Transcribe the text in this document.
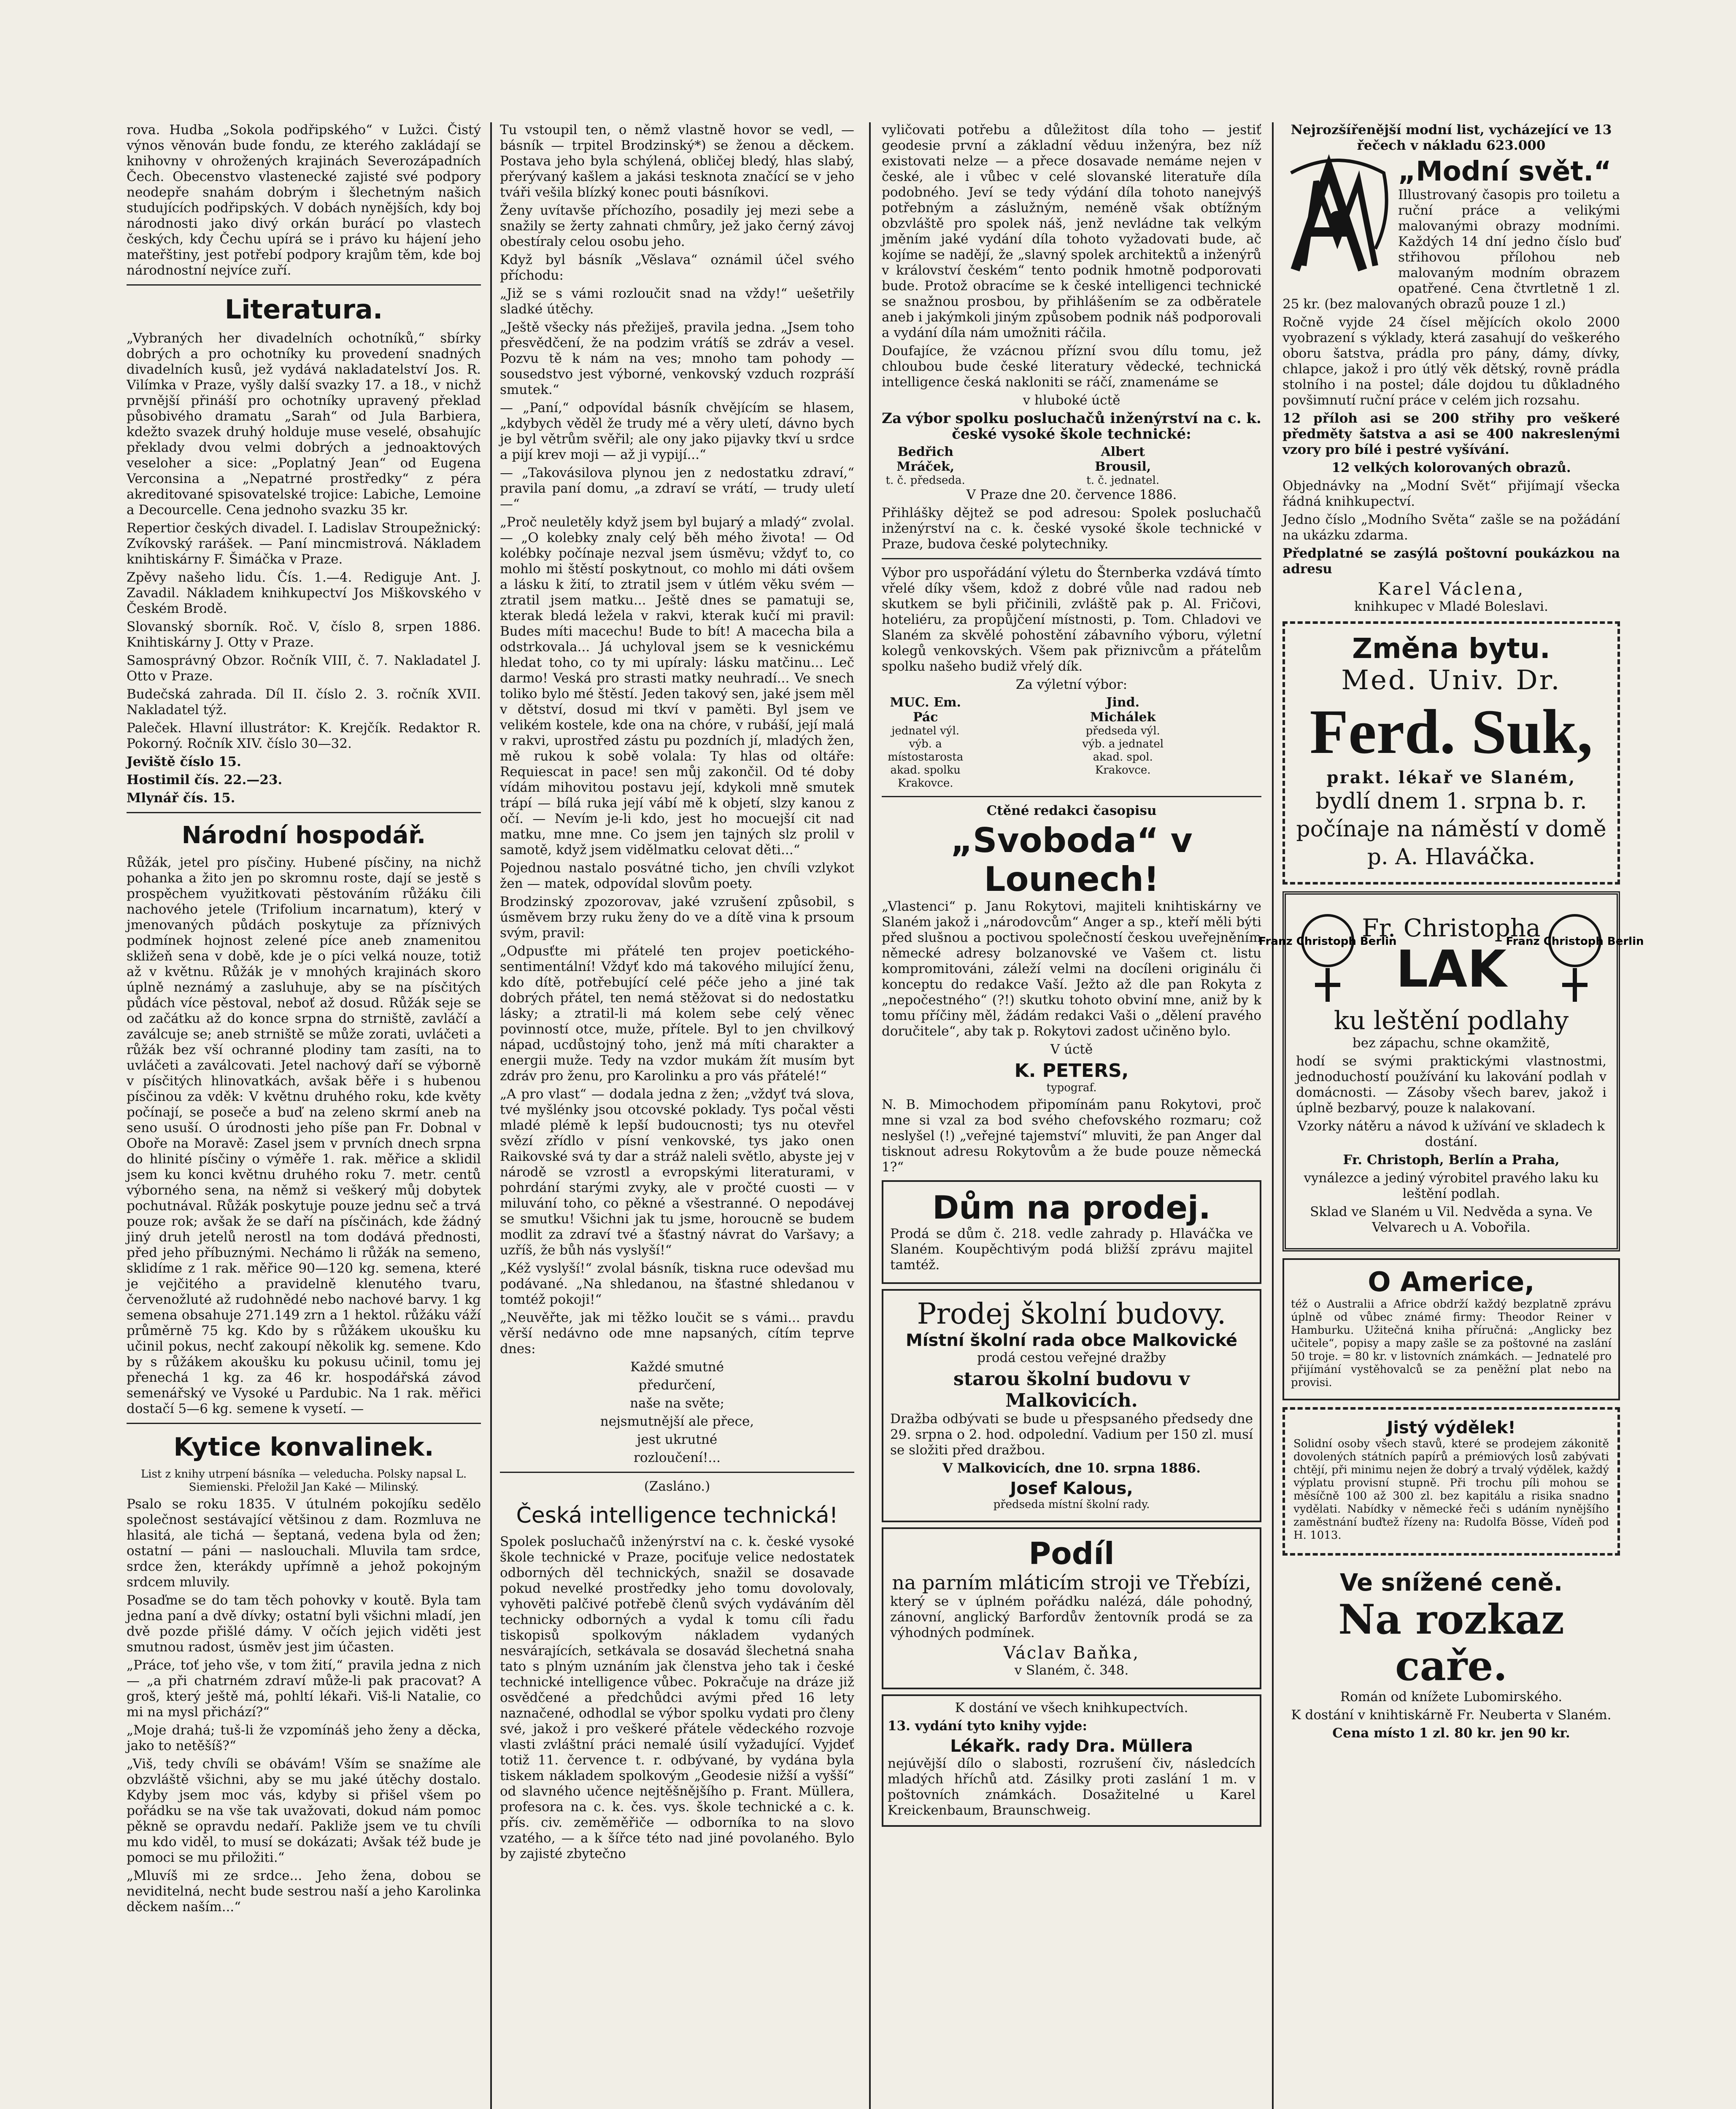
rova. Hudba „Sokola podřipského“ v Lužci. Čistý výnos věnován bude fondu, ze kterého zakládají se knihovny v ohrožených krajinách Severozápadních Čech. Obecenstvo vlastenecké zajisté své podpory neodepře snahám dobrým i šlechetným našich studujících podřipských. V dobách nynějších, kdy boj národnosti jako divý orkán burácí po vlastech českých, kdy Čechu upírá se i právo ku hájení jeho mateřštiny, jest potřebí podpory krajům těm, kde boj národnostní nejvíce zuří.

Literatura.

„Vybraných her divadelních ochotníků,“ sbírky dobrých a pro ochotníky ku provedení snadných divadelních kusů, jež vydává nakladatelství Jos. R. Vilímka v Praze, vyšly další svazky 17. a 18., v nichž prvnější přináší pro ochotníky upravený překlad působivého dramatu „Sarah“ od Jula Barbiera, kdežto svazek druhý holduje muse veselé, obsahujíc překlady dvou velmi dobrých a jednoaktových veseloher a sice: „Poplatný Jean“ od Eugena Verconsina a „Nepatrné prostředky“ z péra akreditované spisovatelské trojice: Labiche, Lemoine a Decourcelle. Cena jednoho svazku 35 kr.

Repertior českých divadel. I. Ladislav Stroupežnický: Zvíkovský rarášek. — Paní mincmistrová. Nákladem knihtiskárny F. Šimáčka v Praze.

Zpěvy našeho lidu. Čís. 1.—4. Rediguje Ant. J. Zavadil. Nákladem knihkupectví Jos Miškovského v Českém Brodě.

Slovanský sborník. Roč. V, číslo 8, srpen 1886. Knihtiskárny J. Otty v Praze.

Samosprávný Obzor. Ročník VIII, č. 7. Nakladatel J. Otto v Praze.

Budečská zahrada. Díl II. číslo 2. 3. ročník XVII. Nakladatel týž.

Paleček. Hlavní illustrátor: K. Krejčík. Redaktor R. Pokorný. Ročník XIV. číslo 30—32.

Jeviště číslo 15.

Hostimil čís. 22.—23.

Mlynář čís. 15.

Národní hospodář.

Růžák, jetel pro písčiny. Hubené písčiny, na nichž pohanka a žito jen po skromnu roste, dají se jestě s prospěchem využitkovati pěstováním růžáku čili nachového jetele (Trifolium incarnatum), který v jmenovaných půdách poskytuje za příznivých podmínek hojnost zelené píce aneb znamenitou skližeň sena v době, kde je o píci velká nouze, totiž až v květnu. Růžák je v mnohých krajinách skoro úplně neznámý a zasluhuje, aby se na písčitých půdách více pěstoval, neboť až dosud. Růžák seje se od začátku až do konce srpna do strniště, zavláčí a zaválcuje se; aneb strniště se může zorati, uvláčeti a růžák bez vší ochranné plodiny tam zasíti, na to uvláčeti a zaválcovati. Jetel nachový daří se výborně v písčitých hlinovatkách, avšak běře i s hubenou písčinou za vděk: V květnu druhého roku, kde květy počínají, se poseče a buď na zeleno skrmí aneb na seno usuší. O úrodnosti jeho píše pan Fr. Dobnal v Oboře na Moravě: Zasel jsem v prvních dnech srpna do hlinité písčiny o výměře 1. rak. měřice a sklidil jsem ku konci květnu druhého roku 7. metr. centů výborného sena, na němž si veškerý můj dobytek pochutnával. Růžák poskytuje pouze jednu seč a trvá pouze rok; avšak že se daří na písčinách, kde žádný jiný druh jetelů nerostl na tom dodává přednosti, před jeho příbuznými. Nechámo li růžák na semeno, sklidíme z 1 rak. měřice 90—120 kg. semena, které je vejčitého a pravidelně klenutého tvaru, červenožluté až rudohnědé nebo nachové barvy. 1 kg semena obsahuje 271.149 zrn a 1 hektol. růžáku váží průměrně 75 kg. Kdo by s růžákem ukoušku ku učinil pokus, nechť zakoupí několik kg. semene. Kdo by s růžákem akoušku ku pokusu učinil, tomu jej přenechá 1 kg. za 46 kr. hospodářská závod semenářský ve Vysoké u Pardubic. Na 1 rak. měřici dostačí 5—6 kg. semene k vysetí. —

Kytice konvalinek.

List z knihy utrpení básníka — veleducha. Polsky napsal L. Siemienski. Přeložil Jan Kaké — Milinský.

Psalo se roku 1835. V útulném pokojíku sedělo společnost sestávající většinou z dam. Rozmluva ne hlasitá, ale tichá — šeptaná, vedena byla od žen; ostatní — páni — naslouchali. Mluvila tam srdce, srdce žen, kterákdy upřímně a jehož pokojným srdcem mluvily.

Posaďme se do tam těch pohovky v koutě. Byla tam jedna paní a dvě dívky; ostatní byli všichni mladí, jen dvě pozde přišlé dámy. V očích jejich viděti jest smutnou radost, úsměv jest jim účasten.

„Práce, toť jeho vše, v tom žití,“ pravila jedna z nich — „a při chatrném zdraví může-li pak pracovat? A groš, který ještě má, pohltí lékaři. Viš-li Natalie, co mi na mysl přichází?“

„Moje drahá; tuš-li že vzpomínáš jeho ženy a děcka, jako to netěšíš?“

„Viš, tedy chvíli se obávám! Vším se snažíme ale obzvláště všichni, aby se mu jaké útěchy dostalo. Kdyby jsem moc vás, kdyby si přišel všem po pořádku se na vše tak uvažovati, dokud nám pomoc pěkně se opravdu nedaří. Pakliže jsem ve tu chvíli mu kdo viděl, to musí se dokázati; Avšak též bude je pomoci se mu přiložiti.“

„Mluvíš mi ze srdce... Jeho žena, dobou se neviditelná, necht bude sestrou naší a jeho Karolinka děckem naším...“

Tu vstoupil ten, o němž vlastně hovor se vedl, — básník — trpitel Brodzinský*) se ženou a děckem. Postava jeho byla schýlená, obličej bledý, hlas slabý, přerývaný kašlem a jakási tesknota značící se v jeho tváři vešila blízký konec pouti básníkovi.

Ženy uvítavše příchozího, posadily jej mezi sebe a snažily se žerty zahnati chmůry, jež jako černý závoj obestíraly celou osobu jeho.

Když byl básník „Věslava“ oznámil účel svého příchodu:

„Již se s vámi rozloučit snad na vždy!“ uešetřily sladké útěchy.

„Ještě všecky nás přežiješ, pravila jedna. „Jsem toho přesvědčení, že na podzim vrátíš se zdráv a vesel. Pozvu tě k nám na ves; mnoho tam pohody — sousedstvo jest výborné, venkovský vzduch rozpráší smutek.“

— „Paní,“ odpovídal básník chvějícím se hlasem, „kdybych věděl že trudy mé a věry uletí, dávno bych je byl větrům svěřil; ale ony jako pijavky tkví u srdce a pijí krev moji — až ji vypijí...“

— „Takovásilova plynou jen z nedostatku zdraví,“ pravila paní domu, „a zdraví se vrátí, — trudy uletí —“

„Proč neuletěly když jsem byl bujarý a mladý“ zvolal. — „O kolebky znaly celý běh mého života! — Od kolébky počínaje nezval jsem úsměvu; vždyť to, co mohlo mi štěstí poskytnout, co mohlo mi dáti ovšem a lásku k žití, to ztratil jsem v útlém věku svém — ztratil jsem matku... Ještě dnes se pamatuji se, kterak bledá ležela v rakvi, kterak kučí mi pravil: Budes míti macechu! Bude to bít! A macecha bila a odstrkovala... Já uchyloval jsem se k vesnickému hledat toho, co ty mi upíraly: lásku matčinu... Leč darmo! Veská pro strasti matky neuhradí... Ve snech toliko bylo mé štěstí. Jeden takový sen, jaké jsem měl v dětství, dosud mi tkví v paměti. Byl jsem ve velikém kostele, kde ona na chóre, v rubáší, její malá v rakvi, uprostřed zástu pu pozdních jí, mladých žen, mě rukou k sobě volala: Ty hlas od oltáře: Requiescat in pace! sen můj zakončil. Od té doby vídám mihovitou postavu její, kdykoli mně smutek trápí — bílá ruka její vábí mě k objetí, slzy kanou z očí. — Nevím je-li kdo, jest ho mocuejší cit nad matku, mne mne. Co jsem jen tajných slz prolil v samotě, když jsem vidělmatku celovat děti...“

Pojednou nastalo posvátné ticho, jen chvíli vzlykot žen — matek, odpovídal slovům poety.

Brodzinský zpozorovav, jaké vzrušení způsobil, s úsměvem brzy ruku ženy do ve a dítě vina k prsoum svým, pravil:

„Odpusťte mi přátelé ten projev poetického-sentimentální! Vždyť kdo má takového milující ženu, kdo dítě, potřebující celé péče jeho a jiné tak dobrých přátel, ten nemá stěžovat si do nedostatku lásky; a ztratil-li má kolem sebe celý věnec povinností otce, muže, přítele. Byl to jen chvilkový nápad, ucdůstojný toho, jenž má míti charakter a energii muže. Tedy na vzdor mukám žít musím byt zdráv pro ženu, pro Karolinku a pro vás přátelé!“

„A pro vlast“ — dodala jedna z žen; „vždyť tvá slova, tvé myšlénky jsou otcovské poklady. Tys počal věsti mladé plémě k lepší budoucnosti; tys nu otevřel svězí zřídlo v písní venkovské, tys jako onen Raikovské svá ty dar a stráž naleli světlo, abyste jej v národě se vzrostl a evropskými literaturami, v pohrdání starými zvyky, ale v pročté cuosti — v miluvání toho, co pěkné a všestranné. O nepodávej se smutku! Všichni jak tu jsme, horoucně se budem modlit za zdraví tvé a šťastný návrat do Varšavy; a uzříš, že bůh nás vyslyší!“

„Kéž vyslyší!“ zvolal básník, tiskna ruce odevšad mu podávané. „Na shledanou, na šťastné shledanou v tomtéž pokoji!“

„Neuvěřte, jak mi těžko loučit se s vámi... pravdu věrší nedávno ode mne napsaných, cítím teprve dnes:

Každé smutné

předurčení,

naše na světe;

nejsmutnější ale přece,

jest ukrutné

rozloučení!...

(Zasláno.)

Česká intelligence technická!

Spolek posluchačů inženýrství na c. k. české vysoké škole technické v Praze, pociťuje velice nedostatek odborných děl technických, snažil se dosavade pokud nevelké prostředky jeho tomu dovolovaly, vyhověti palčivé potřebě členů svých vydáváním děl technicky odborných a vydal k tomu cíli řadu tiskopisů spolkovým nákladem vydaných nesvárajících, setkávala se dosavád šlechetná snaha tato s plným uznáním jak členstva jeho tak i české technické intelligence vůbec. Pokračuje na dráze již osvědčené a předchůdci avými před 16 lety naznačené, odhodlal se výbor spolku vydati pro členy své, jakož i pro veškeré přátele vědeckého rozvoje vlasti zvláštní práci nemalé úsilí vyžadující. Vyjdeť totiž 11. července t. r. odbývané, by vydána byla tiskem nákladem spolkovým „Geodesie nižší a vyšší“ od slavného učence nejtěšnějšího p. Frant. Müllera, profesora na c. k. čes. vys. škole technické a c. k. přís. civ. zeměměřiče — odborníka to na slovo vzatého, — a k šířce této nad jiné povolaného. Bylo by zajisté zbytečno

vyličovati potřebu a důležitost díla toho — jestiť geodesie první a základní věduu inženýra, bez níž existovati nelze — a přece dosavade nemáme nejen v české, ale i vůbec v celé slovanské literatuře díla podobného. Jeví se tedy výdání díla tohoto nanejvýš potřebným a záslužným, neméně však obtížným obzvláště pro spolek náš, jenž nevládne tak velkým jměním jaké vydání díla tohoto vyžadovati bude, ač kojíme se nadějí, že „slavný spolek architektů a inženýrů v království českém“ tento podnik hmotně podporovati bude. Protož obracíme se k české intelligenci technické se snažnou prosbou, by přihlášením se za odběratele aneb i jakýmkoli jiným způsobem podnik náš podporovali a vydání díla nám umožniti ráčila.

Doufajíce, že vzácnou přízní svou dílu tomu, jež chloubou bude české literatury vědecké, technická intelligence česká nakloniti se ráčí, znamenáme se

v hluboké úctě

Za výbor spolku posluchačů inženýrství na c. k. české vysoké škole technické:

Bedřich Mráček,
t. č. předseda.
Albert Brousil,
t. č. jednatel.

V Praze dne 20. července 1886.

Přihlášky dějtež se pod adresou: Spolek posluchačů inženýrství na c. k. české vysoké škole technické v Praze, budova české polytechniky.

Výbor pro uspořádání výletu do Šternberka vzdává tímto vřelé díky všem, kdož z dobré vůle nad radou neb skutkem se byli přičinili, zvláště pak p. Al. Fričovi, hoteliéru, za propůjčení místnosti, p. Tom. Chladovi ve Slaném za skvělé pohostění zábavního výboru, výletní kolegů venkovských. Všem pak přiznivcům a přátelům spolku našeho budiž vřelý dík.

Za výletní výbor:

MUC. Em. Pác
jednatel výl. výb. a místostarosta akad. spolku Krakovce.
Jind. Michálek
předseda výl. výb. a jednatel akad. spol. Krakovce.

Ctěné redakci časopisu

„Svoboda“ v Lounech!

„Vlastenci“ p. Janu Rokytovi, majiteli knihtiskárny ve Slaném jakož i „národovcům“ Anger a sp., kteří měli býti před slušnou a poctivou společností českou uveřejněním německé adresy bolzanovské ve Vašem ct. listu kompromitováni, záleží velmi na docíleni originálu či konceptu do redakce Vaší. Ježto až dle pan Rokyta z „nepočestného“ (?!) skutku tohoto obviní mne, aniž by k tomu příčiny měl, žádám redakci Vaši o „dělení pravého doručitele“, aby tak p. Rokytovi zadost učiněno bylo.

V úctě

K. PETERS,

typograf.

N. B. Mimochodem připomínám panu Rokytovi, proč mne si vzal za bod svého chefovského rozmaru; což neslyšel (!) „veřejné tajemství“ mluviti, že pan Anger dal tisknout adresu Rokytovům a že bude pouze německá 1?“

Dům na prodej.

Prodá se dům č. 218. vedle zahrady p. Hlaváčka ve Slaném. Koupěchtivým podá bližší zprávu majitel tamtéž.

Prodej školní budovy.
Místní školní rada obce Malkovické

prodá cestou veřejné dražby

starou školní budovu v Malkovicích.

Dražba odbývati se bude u přespsaného předsedy dne 29. srpna o 2. hod. odpolední. Vadium per 150 zl. musí se složiti před dražbou.

V Malkovicích, dne 10. srpna 1886.

Josef Kalous,

předseda místní školní rady.

Podíl
na parním mláticím stroji ve Třebízi,

který se v úplném pořádku nalézá, dále pohodný, zánovní, anglický Barfordův žentovník prodá se za výhodných podmínek.

Václav Baňka,

v Slaném, č. 348.

K dostání ve všech knihkupectvích.

13. vydání tyto knihy vyjde:

Lékařk. rady Dra. Müllera

nejúvější dílo o slabosti, rozrušení čiv, následcích mladých hříchů atd. Zásilky proti zaslání 1 m. v poštovních známkách. Dosažitelné u Karel Kreickenbaum, Braunschweig.

Nejrozšířenější modní list, vycházející ve 13 řečech v nákladu 623.000

„Modní svět.“

Illustrovaný časopis pro toiletu a ruční práce a velikými malovanými obrazy modními. Každých 14 dní jedno číslo buď střihovou přílohou neb malovaným modním obrazem opatřené. Cena čtvrtletně 1 zl. 25 kr. (bez malovaných obrazů pouze 1 zl.)

Ročně vyjde 24 čísel mějících okolo 2000 vyobrazení s výklady, která zasahují do veškerého oboru šatstva, prádla pro pány, dámy, dívky, chlapce, jakož i pro útlý věk dětský, rovně prádla stolního i na postel; dále dojdou tu důkladného povšimnutí ruční práce v celém jich rozsahu.

12 příloh asi se 200 střihy pro veškeré předměty šatstva a asi se 400 nakreslenými vzory pro bílé i pestré vyšívání.

12 velkých kolorovaných obrazů.

Objednávky na „Modní Svět“ přijímají všecka řádná knihkupectví.

Jedno číslo „Modního Světa“ zašle se na požádání na ukázku zdarma.

Předplatné se zasýlá poštovní poukázkou na adresu

Karel Václena,

knihkupec v Mladé Boleslavi.

Změna bytu.
Med. Univ. Dr.
Ferd. Suk,
prakt. lékař ve Slaném,

bydlí dnem 1. srpna b. r. počínaje na náměstí v domě p. A. Hlaváčka.

Franz Christoph Berlin
Fr. Christopha
LAK
Franz Christoph Berlin
ku leštění podlahy

bez zápachu, schne okamžitě,

hodí se svými praktickými vlastnostmi, jednoduchostí používání ku lakování podlah v domácnosti. — Zásoby všech barev, jakož i úplně bezbarvý, pouze k nalakovaní.

Vzorky nátěru a návod k užívání ve skladech k dostání.

Fr. Christoph, Berlín a Praha,

vynálezce a jediný výrobitel pravého laku ku leštění podlah.

Sklad ve Slaném u Vil. Nedvěda a syna. Ve Velvarech u A. Vobořila.

O Americe,

též o Australii a Africe obdrží každý bezplatně zprávu úplně od vůbec známé firmy: Theodor Reiner v Hamburku. Užitečná kniha příručná: „Anglicky bez učitele“, popisy a mapy zašle se za poštovné na zaslání 50 troje. = 80 kr. v listovních známkách. — Jednatelé pro přijímání vystěhovalců se za peněžní plat nebo na provisi.

Jistý výdělek!

Solidní osoby všech stavů, které se prodejem zákonitě dovolených státních papírů a prémiových losů zabývati chtějí, při minimu nejen že dobrý a trvalý výdělek, každý výplatu provisní stupně. Při trochu píli mohou se měsíčně 100 až 300 zl. bez kapitálu a risika snadno vydělati. Nabídky v německé řeči s udáním nynějšího zaměstnání buďtež řízeny na: Rudolfa Bösse, Vídeň pod H. 1013.

Ve snížené ceně.
Na rozkaz caře.

Román od knížete Lubomirského.

K dostání v knihtiskárně Fr. Neuberta v Slaném.

Cena místo 1 zl. 80 kr. jen 90 kr.
